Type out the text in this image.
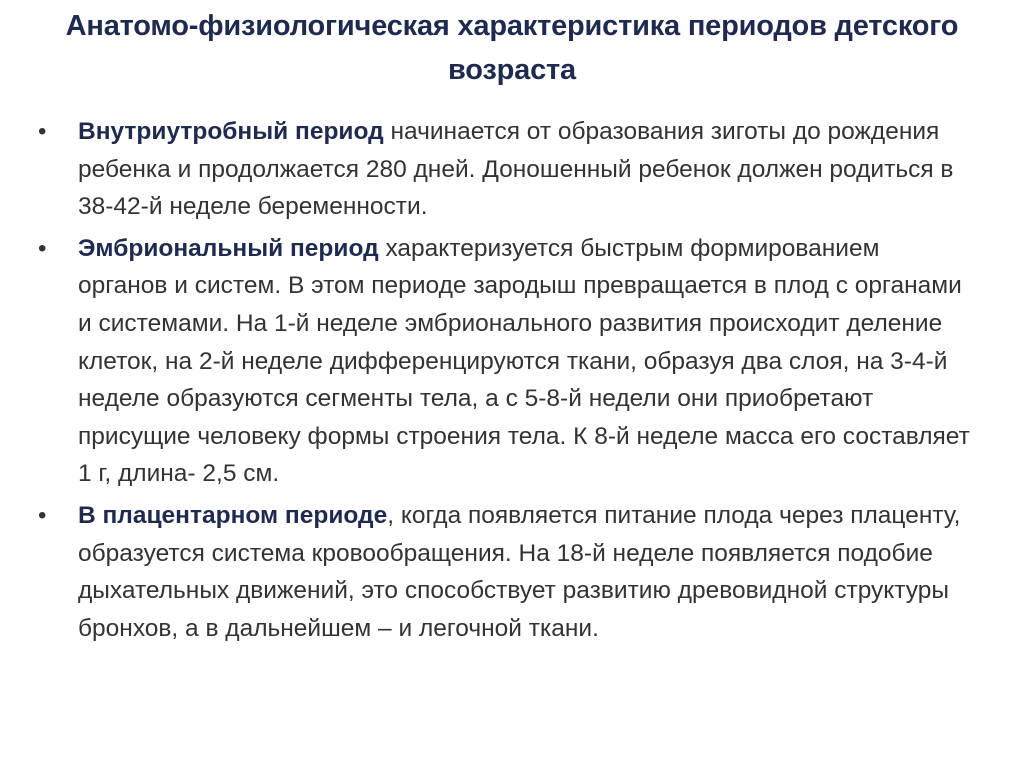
Анатомо-физиологическая характеристика периодов детского возраста
•	Внутриутробный период начинается от образования зиготы до рождения ребенка и продолжается 280 дней. Доношенный ребенок должен родиться в 38-42-й неделе беременности.
•	Эмбриональный период характеризуется быстрым формированием органов и систем. В этом периоде зародыш превращается в плод с органами и системами. На 1-й неделе эмбрионального развития происходит деление клеток, на 2-й неделе дифференцируются ткани, образуя два слоя, на 3-4-й неделе образуются сегменты тела, а с 5-8-й недели они приобретают присущие человеку формы строения тела. К 8-й неделе масса его составляет 1 г, длина- 2,5 см.
•	В плацентарном периоде, когда появляется питание плода через плаценту, образуется система кровообращения. На 18-й неделе появляется подобие дыхательных движений, это способствует развитию древовидной структуры бронхов, а в дальнейшем – и легочной ткани.
